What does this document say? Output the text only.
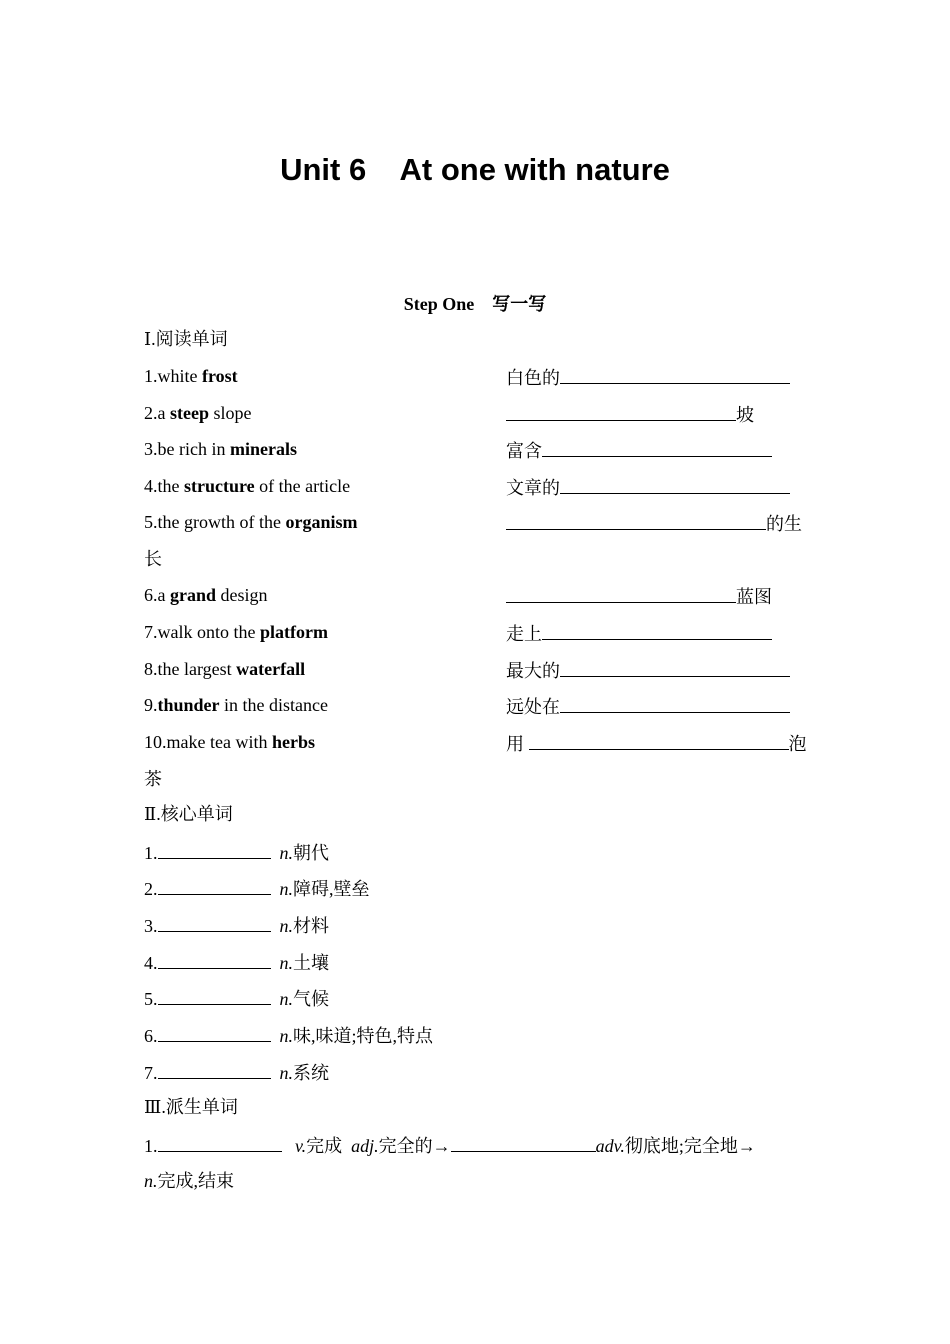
Unit 6    At one with nature
Step One    写一写
Ⅰ.阅读单词
1.white frost	白色的
2.a steep slope	坡
3.be rich in minerals	富含
4.the structure of the article	文章的
5.the growth of the organism	的生
长
6.a grand design	蓝图
7.walk onto the platform	走上
8.the largest waterfall	最大的
9.thunder in the distance	远处在
10.make tea with herbs	用	泡
茶
Ⅱ.核心单词
1.	n.朝代
2.	n.障碍,壁垒
3.	n.材料
4.	n.土壤
5.	n.气候
6.	n.味,味道;特色,特点
7.	n.系统
Ⅲ.派生单词
1.	v.完成  adj.完全的→	adv.彻底地;完全地→
n.完成,结束
